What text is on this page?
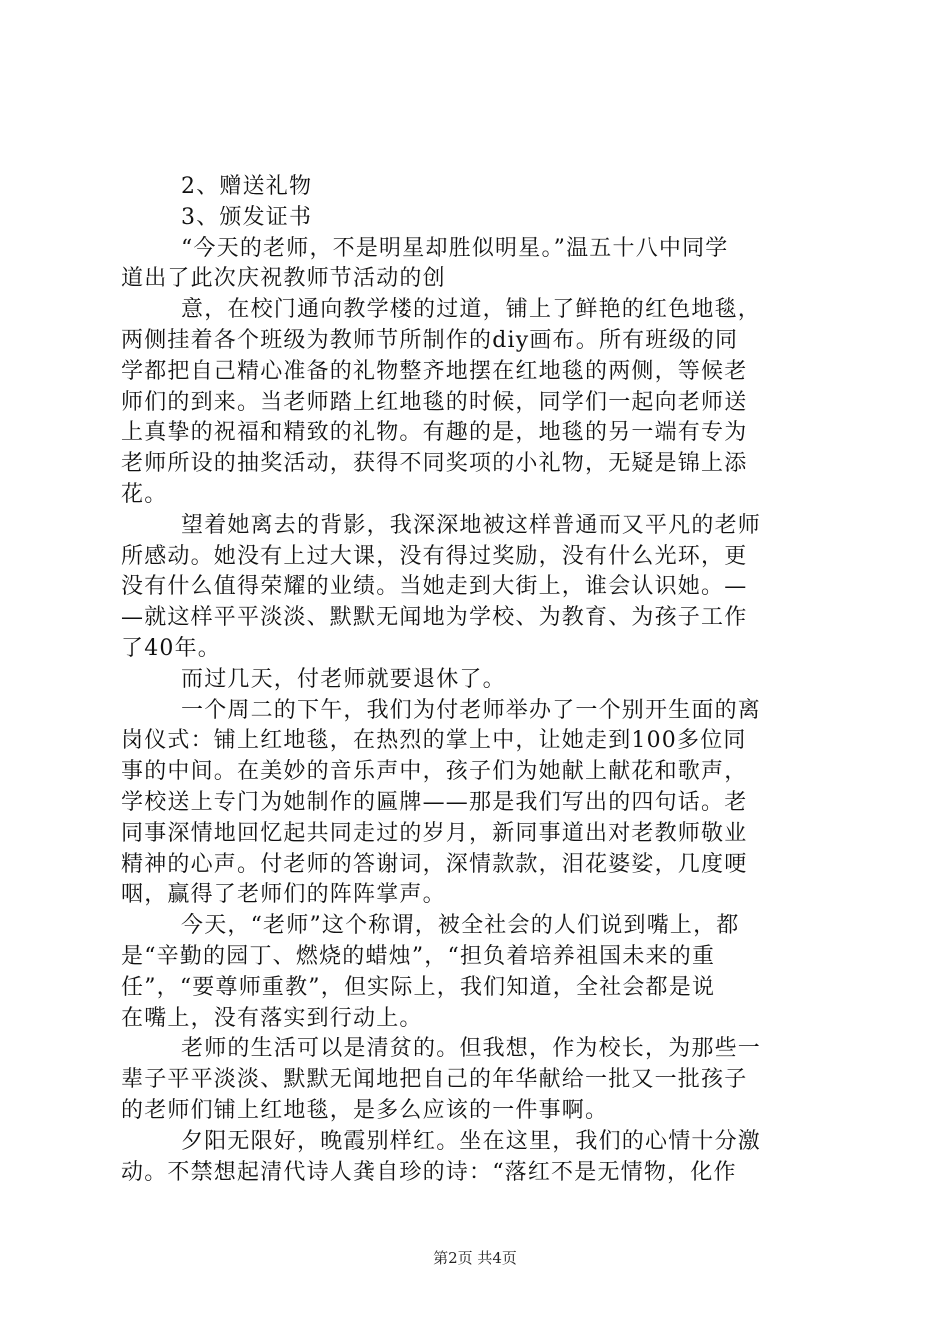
2、赠送礼物
3、颁发证书
“今天的老师，不是明星却胜似明星。”温五十八中同学
道出了此次庆祝教师节活动的创
意，在校门通向教学楼的过道，铺上了鲜艳的红色地毯，
两侧挂着各个班级为教师节所制作的diy画布。所有班级的同
学都把自己精心准备的礼物整齐地摆在红地毯的两侧，等候老
师们的到来。当老师踏上红地毯的时候，同学们一起向老师送
上真挚的祝福和精致的礼物。有趣的是，地毯的另一端有专为
老师所设的抽奖活动，获得不同奖项的小礼物，无疑是锦上添
花。
望着她离去的背影，我深深地被这样普通而又平凡的老师
所感动。她没有上过大课，没有得过奖励，没有什么光环，更
没有什么值得荣耀的业绩。当她走到大街上，谁会认识她。—
—就这样平平淡淡、默默无闻地为学校、为教育、为孩子工作
了40年。
而过几天，付老师就要退休了。
一个周二的下午，我们为付老师举办了一个别开生面的离
岗仪式：铺上红地毯，在热烈的掌上中，让她走到100多位同
事的中间。在美妙的音乐声中，孩子们为她献上献花和歌声，
学校送上专门为她制作的匾牌——那是我们写出的四句话。老
同事深情地回忆起共同走过的岁月，新同事道出对老教师敬业
精神的心声。付老师的答谢词，深情款款，泪花婆娑，几度哽
咽，赢得了老师们的阵阵掌声。
今天，“老师”这个称谓，被全社会的人们说到嘴上，都
是“辛勤的园丁、燃烧的蜡烛”，“担负着培养祖国未来的重
任”，“要尊师重教”，但实际上，我们知道，全社会都是说
在嘴上，没有落实到行动上。
老师的生活可以是清贫的。但我想，作为校长，为那些一
辈子平平淡淡、默默无闻地把自己的年华献给一批又一批孩子
的老师们铺上红地毯，是多么应该的一件事啊。
夕阳无限好，晚霞别样红。坐在这里，我们的心情十分激
动。不禁想起清代诗人龚自珍的诗：“落红不是无情物，化作
第2页 共4页
